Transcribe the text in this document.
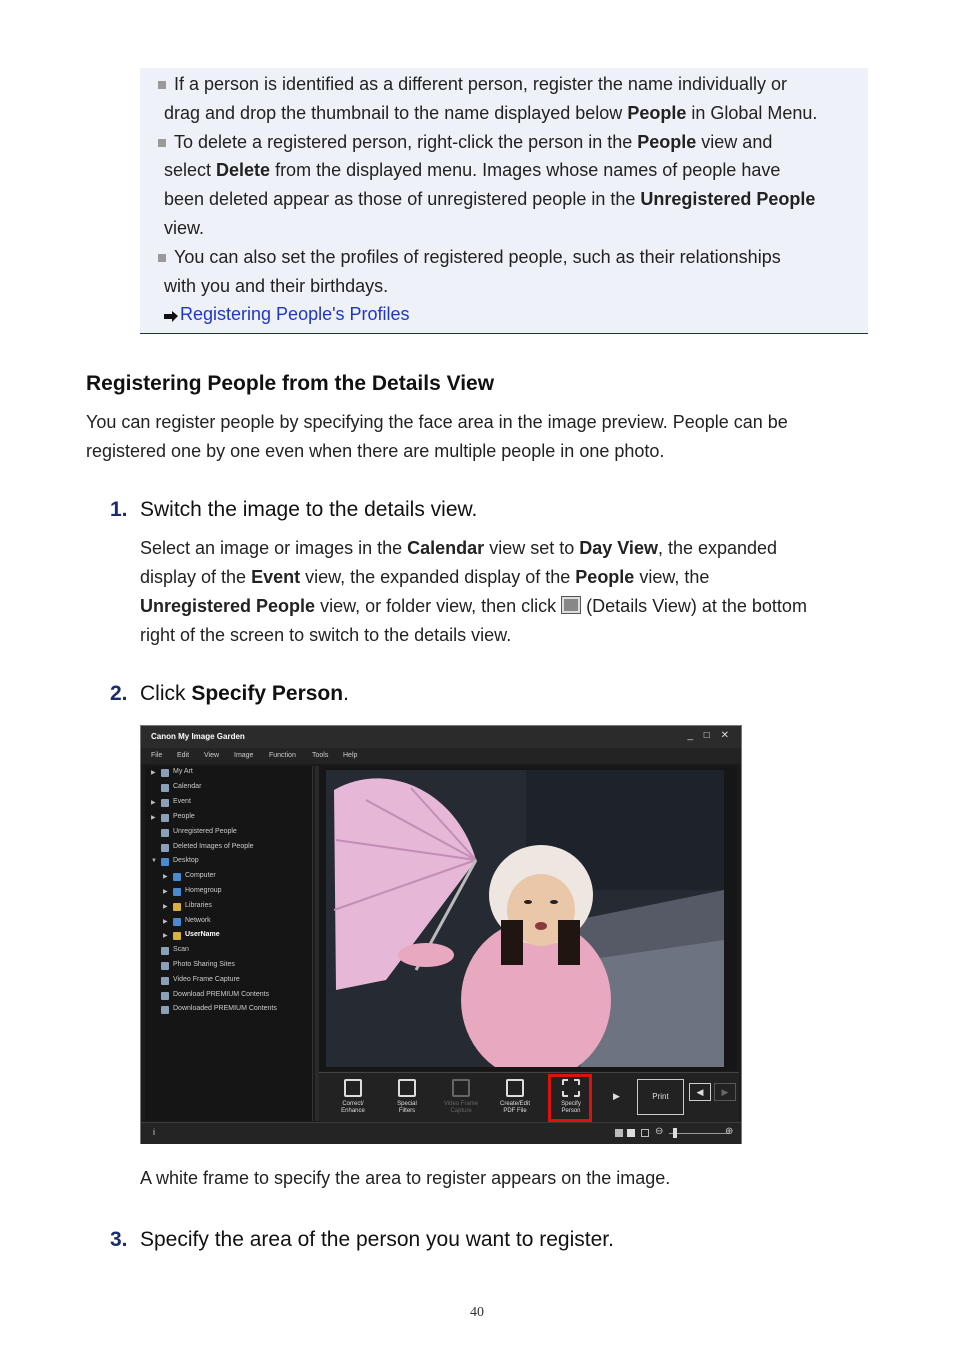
If a person is identified as a different person, register the name individually or

drag and drop the thumbnail to the name displayed below People in Global Menu.

To delete a registered person, right-click the person in the People view and

select Delete from the displayed menu. Images whose names of people have

been deleted appear as those of unregistered people in the Unregistered People

view.

You can also set the profiles of registered people, such as their relationships

with you and their birthdays.

Registering People's Profiles

Registering People from the Details View
You can register people by specifying the face area in the image preview. People can be
registered one by one even when there are multiple people in one photo.
1. Switch the image to the details view.
Select an image or images in the Calendar view set to Day View, the expanded
display of the Event view, the expanded display of the People view, the
Unregistered People view, or folder view, then click  (Details View) at the bottom
right of the screen to switch to the details view.
2. Click Specify Person.
Canon My Image Garden	_ □ ✕
File Edit View Image Function Tools Help
▶ My Art
Calendar
▶ Event
▶ People
Unregistered People
Deleted Images of People
▼ Desktop
▶ Computer
▶ Homegroup
▶ Libraries
▶ Network
▶ UserName
Scan
Photo Sharing Sites
Video Frame Capture
Download PREMIUM Contents
Downloaded PREMIUM Contents
Correct/
Enhance
Special
Filters
Video Frame
Capture
Create/Edit
PDF File
Specify
Person
▶	◀	▶
Print
i	⊖	⊕
A white frame to specify the area to register appears on the image.
3. Specify the area of the person you want to register.
40
